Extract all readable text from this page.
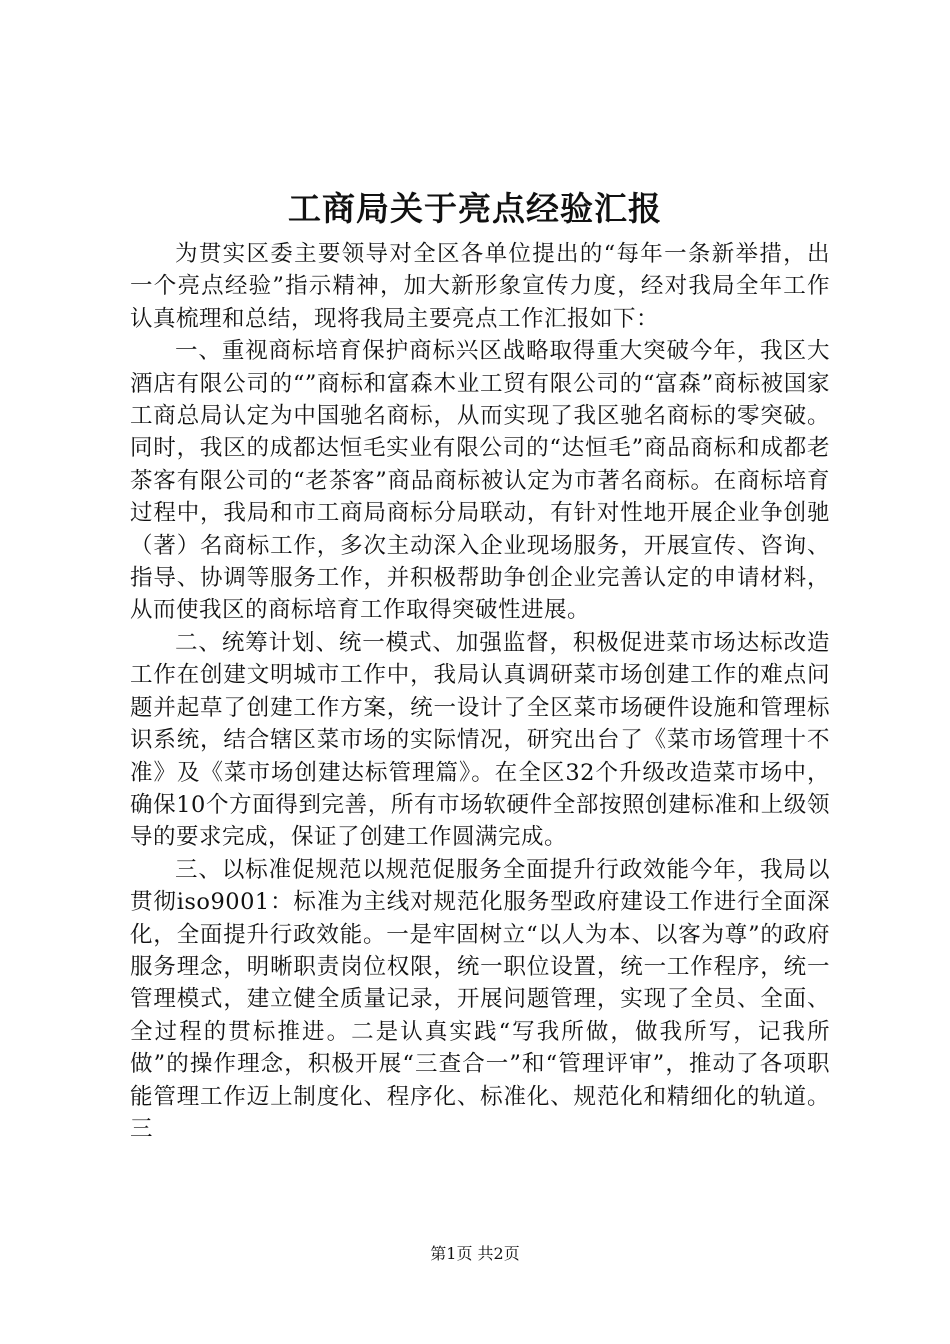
工商局关于亮点经验汇报

为贯实区委主要领导对全区各单位提出的“每年一条新举措，出一个亮点经验”指示精神，加大新形象宣传力度，经对我局全年工作认真梳理和总结，现将我局主要亮点工作汇报如下：

一、重视商标培育保护商标兴区战略取得重大突破今年，我区大酒店有限公司的“”商标和富森木业工贸有限公司的“富森”商标被国家工商总局认定为中国驰名商标，从而实现了我区驰名商标的零突破。同时，我区的成都达恒毛实业有限公司的“达恒毛”商品商标和成都老茶客有限公司的“老茶客”商品商标被认定为市著名商标。在商标培育过程中，我局和市工商局商标分局联动，有针对性地开展企业争创驰（著）名商标工作，多次主动深入企业现场服务，开展宣传、咨询、指导、协调等服务工作，并积极帮助争创企业完善认定的申请材料，从而使我区的商标培育工作取得突破性进展。

二、统筹计划、统一模式、加强监督，积极促进菜市场达标改造工作在创建文明城市工作中，我局认真调研菜市场创建工作的难点问题并起草了创建工作方案，统一设计了全区菜市场硬件设施和管理标识系统，结合辖区菜市场的实际情况，研究出台了《菜市场管理十不准》及《菜市场创建达标管理篇》。在全区32个升级改造菜市场中，确保10个方面得到完善，所有市场软硬件全部按照创建标准和上级领导的要求完成，保证了创建工作圆满完成。

三、以标准促规范以规范促服务全面提升行政效能今年，我局以贯彻iso9001：标准为主线对规范化服务型政府建设工作进行全面深化，全面提升行政效能。一是牢固树立“以人为本、以客为尊”的政府服务理念，明晰职责岗位权限，统一职位设置，统一工作程序，统一管理模式，建立健全质量记录，开展问题管理，实现了全员、全面、全过程的贯标推进。二是认真实践“写我所做，做我所写，记我所做”的操作理念，积极开展“三查合一”和“管理评审”，推动了各项职能管理工作迈上制度化、程序化、标准化、规范化和精细化的轨道。三

第1页 共2页
